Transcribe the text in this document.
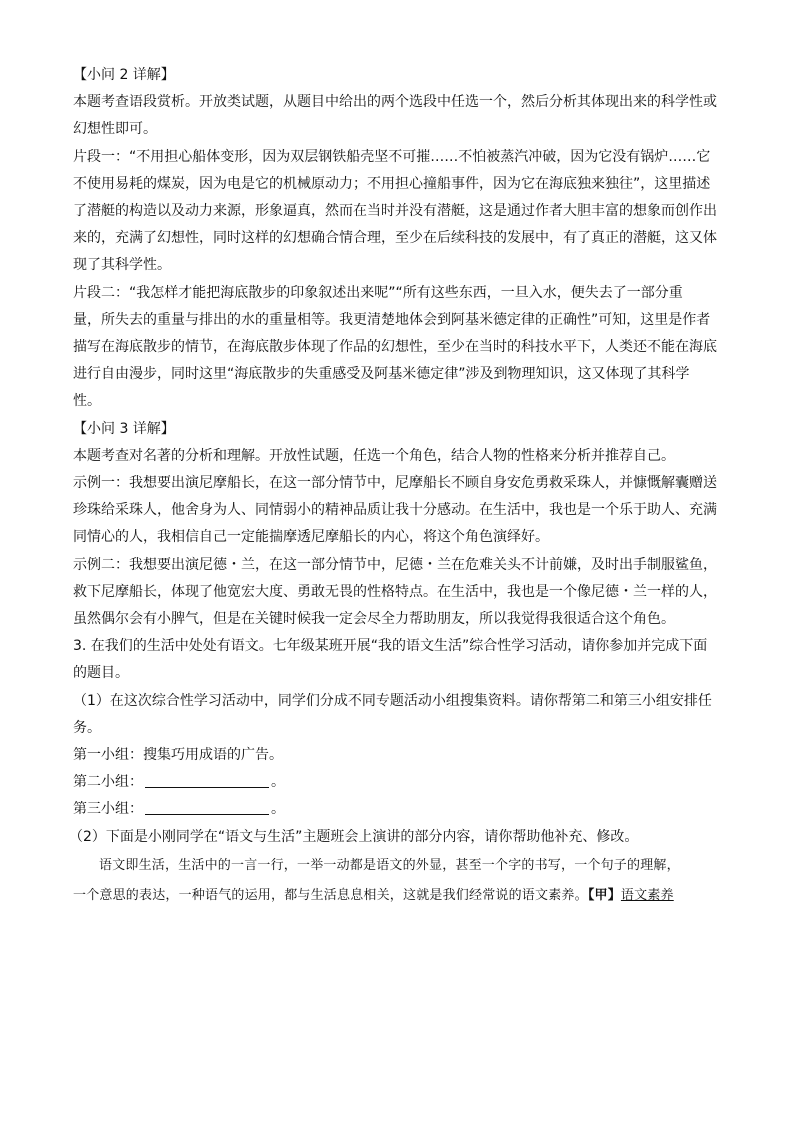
【小问 2 详解】

本题考查语段赏析。开放类试题，从题目中给出的两个选段中任选一个，然后分析其体现出来的科学性或

幻想性即可。

片段一：“不用担心船体变形，因为双层钢铁船壳坚不可摧……不怕被蒸汽冲破，因为它没有锅炉……它

不使用易耗的煤炭，因为电是它的机械原动力；不用担心撞船事件，因为它在海底独来独往”，这里描述

了潜艇的构造以及动力来源，形象逼真，然而在当时并没有潜艇，这是通过作者大胆丰富的想象而创作出

来的，充满了幻想性，同时这样的幻想确合情合理，至少在后续科技的发展中，有了真正的潜艇，这又体

现了其科学性。

片段二：“我怎样才能把海底散步的印象叙述出来呢”“所有这些东西，一旦入水，便失去了一部分重

量，所失去的重量与排出的水的重量相等。我更清楚地体会到阿基米德定律的正确性”可知，这里是作者

描写在海底散步的情节，在海底散步体现了作品的幻想性，至少在当时的科技水平下，人类还不能在海底

进行自由漫步，同时这里“海底散步的失重感受及阿基米德定律”涉及到物理知识，这又体现了其科学

性。

【小问 3 详解】

本题考查对名著的分析和理解。开放性试题，任选一个角色，结合人物的性格来分析并推荐自己。

示例一：我想要出演尼摩船长，在这一部分情节中，尼摩船长不顾自身安危勇救采珠人，并慷慨解囊赠送

珍珠给采珠人，他舍身为人、同情弱小的精神品质让我十分感动。在生活中，我也是一个乐于助人、充满

同情心的人，我相信自己一定能揣摩透尼摩船长的内心，将这个角色演绎好。

示例二：我想要出演尼德・兰，在这一部分情节中，尼德・兰在危难关头不计前嫌，及时出手制服鲨鱼，

救下尼摩船长，体现了他宽宏大度、勇敢无畏的性格特点。在生活中，我也是一个像尼德・兰一样的人，

虽然偶尔会有小脾气，但是在关键时候我一定会尽全力帮助朋友，所以我觉得我很适合这个角色。

3. 在我们的生活中处处有语文。七年级某班开展“我的语文生活”综合性学习活动，请你参加并完成下面

的题目。

（1）在这次综合性学习活动中，同学们分成不同专题活动小组搜集资料。请你帮第二和第三小组安排任

务。

第一小组：搜集巧用成语的广告。

第二小组：	。

第三小组：	。

（2）下面是小刚同学在“语文与生活”主题班会上演讲的部分内容，请你帮助他补充、修改。

语文即生活，生活中的一言一行，一举一动都是语文的外显，甚至一个字的书写，一个句子的理解，

一个意思的表达，一种语气的运用，都与生活息息相关，这就是我们经常说的语文素养。【甲】语文素养
